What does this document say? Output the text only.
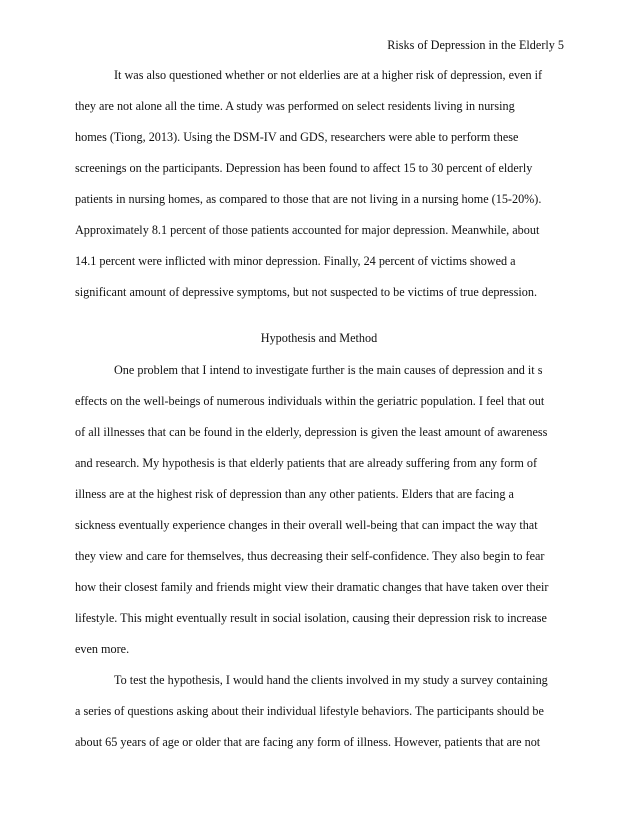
Risks of Depression in the Elderly 5
It was also questioned whether or not elderlies are at a higher risk of depression, even if
they are not alone all the time. A study was performed on select residents living in nursing
homes (Tiong, 2013). Using the DSM-IV and GDS, researchers were able to perform these
screenings on the participants. Depression has been found to affect 15 to 30 percent of elderly
patients in nursing homes, as compared to those that are not living in a nursing home (15-20%).
Approximately 8.1 percent of those patients accounted for major depression. Meanwhile, about
14.1 percent were inflicted with minor depression. Finally, 24 percent of victims showed a
significant amount of depressive symptoms, but not suspected to be victims of true depression.
Hypothesis and Method
One problem that I intend to investigate further is the main causes of depression and it s
effects on the well-beings of numerous individuals within the geriatric population. I feel that out
of all illnesses that can be found in the elderly, depression is given the least amount of awareness
and research. My hypothesis is that elderly patients that are already suffering from any form of
illness are at the highest risk of depression than any other patients. Elders that are facing a
sickness eventually experience changes in their overall well-being that can impact the way that
they view and care for themselves, thus decreasing their self-confidence. They also begin to fear
how their closest family and friends might view their dramatic changes that have taken over their
lifestyle. This might eventually result in social isolation, causing their depression risk to increase
even more.
To test the hypothesis, I would hand the clients involved in my study a survey containing
a series of questions asking about their individual lifestyle behaviors. The participants should be
about 65 years of age or older that are facing any form of illness. However, patients that are not
